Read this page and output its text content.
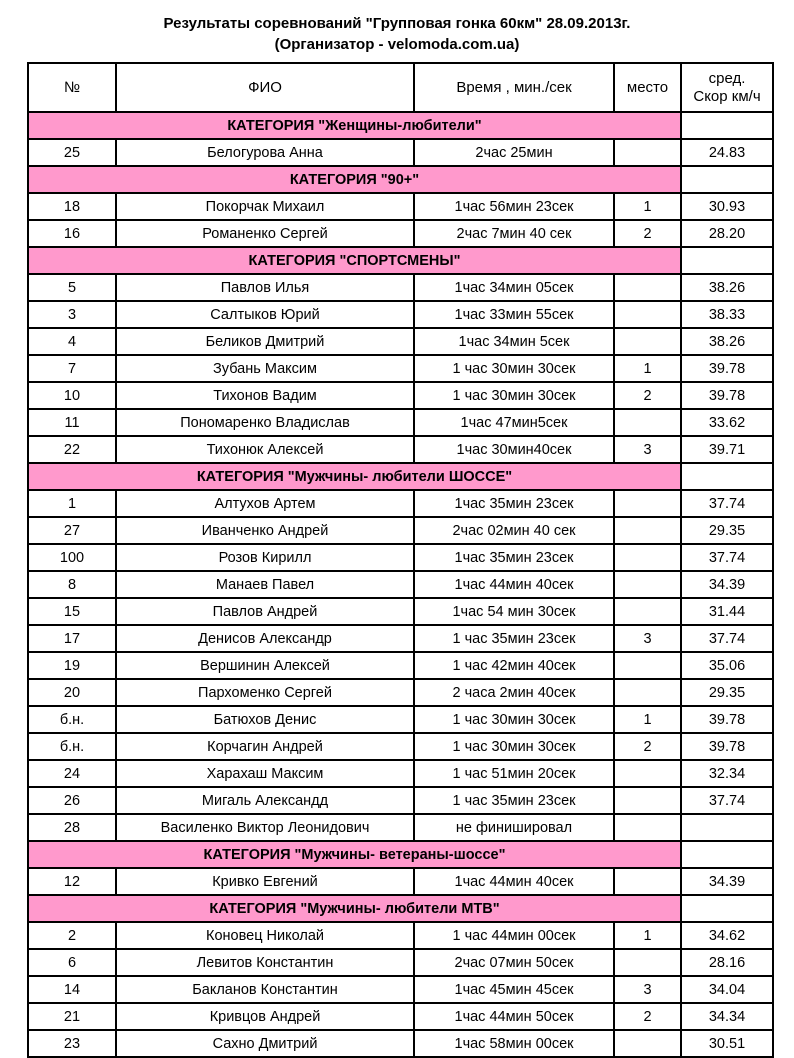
Результаты соревнований "Групповая гонка 60км" 28.09.2013г.
(Организатор - velomoda.com.ua)
№	ФИО	Время , мин./сек	место	сред.
Скор км/ч

КАТЕГОРИЯ "Женщины-любители"				
25	Белогурова Анна	2час 25мин		24.83
КАТЕГОРИЯ "90+"				
18	Покорчак Михаил	1час 56мин 23сек	1	30.93
16	Романенко Сергей	2час 7мин 40 сек	2	28.20
КАТЕГОРИЯ "СПОРТСМЕНЫ"				
5	Павлов Илья	1час 34мин 05сек		38.26
3	Салтыков Юрий	1час 33мин 55сек		38.33
4	Беликов Дмитрий	1час 34мин 5сек		38.26
7	Зубань Максим	1 час 30мин 30сек	1	39.78
10	Тихонов Вадим	1 час 30мин 30сек	2	39.78
11	Пономаренко Владислав	1час 47мин5сек		33.62
22	Тихонюк Алексей	1час 30мин40сек	3	39.71
КАТЕГОРИЯ "Мужчины- любители ШОССЕ"				
1	Алтухов Артем	1час 35мин 23сек		37.74
27	Иванченко Андрей	2час 02мин 40 сек		29.35
100	Розов Кирилл	1час 35мин 23сек		37.74
8	Манаев Павел	1час 44мин 40сек		34.39
15	Павлов Андрей	1час 54 мин 30сек		31.44
17	Денисов Александр	1 час 35мин 23сек	3	37.74
19	Вершинин Алексей	1 час 42мин 40сек		35.06
20	Пархоменко Сергей	2 часа 2мин 40сек		29.35
б.н.	Батюхов Денис	1 час 30мин 30сек	1	39.78
б.н.	Корчагин Андрей	1 час 30мин 30сек	2	39.78
24	Харахаш Максим	1 час 51мин 20сек		32.34
26	Мигаль Александд	1 час 35мин 23сек		37.74
28	Василенко Виктор Леонидович	не финишировал		
КАТЕГОРИЯ "Мужчины- ветераны-шоссе"				
12	Кривко Евгений	1час 44мин 40сек		34.39
КАТЕГОРИЯ "Мужчины- любители МТВ"				
2	Коновец Николай	1 час 44мин 00сек	1	34.62
6	Левитов Константин	2час 07мин 50сек		28.16
14	Бакланов Константин	1час 45мин 45сек	3	34.04
21	Кривцов Андрей	1час 44мин 50сек	2	34.34
23	Сахно Дмитрий	1час 58мин 00сек		30.51
